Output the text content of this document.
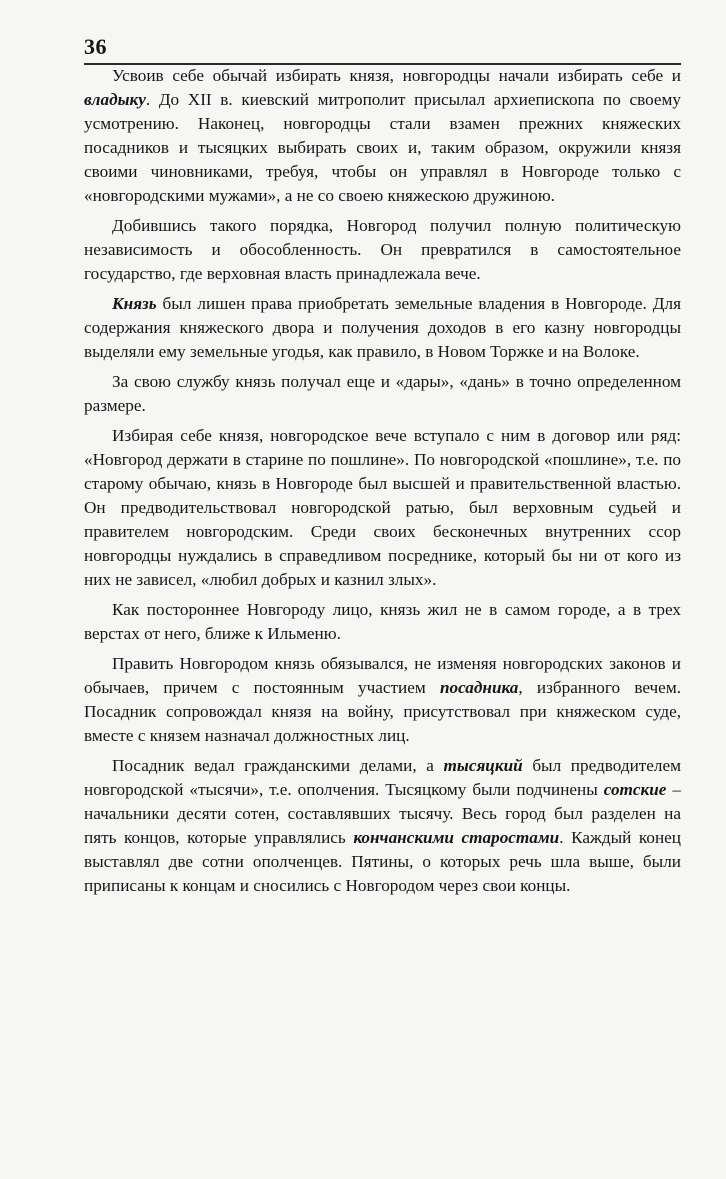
36

Усвоив себе обычай избирать князя, новгородцы начали избирать себе и владыку. До XII в. киевский митрополит присылал архиепископа по своему усмотрению. Наконец, новгородцы стали взамен прежних княжеских посадников и тысяцких выбирать своих и, таким образом, окружили князя своими чиновниками, требуя, чтобы он управлял в Новгороде только с «новгородскими мужами», а не со своею княжескою дружиною.

Добившись такого порядка, Новгород получил полную политическую независимость и обособленность. Он превратился в самостоятельное государство, где верховная власть принадлежала вече.

Князь был лишен права приобретать земельные владения в Новгороде. Для содержания княжеского двора и получения доходов в его казну новгородцы выделяли ему земельные угодья, как правило, в Новом Торжке и на Волоке.

За свою службу князь получал еще и «дары», «дань» в точно определенном размере.

Избирая себе князя, новгородское вече вступало с ним в договор или ряд: «Новгород держати в старине по пошлине». По новгородской «пошлине», т.е. по старому обычаю, князь в Новгороде был высшей и правительственной властью. Он предводительствовал новгородской ратью, был верховным судьей и правителем новгородским. Среди своих бесконечных внутренних ссор новгородцы нуждались в справедливом посреднике, который бы ни от кого из них не зависел, «любил добрых и казнил злых».

Как постороннее Новгороду лицо, князь жил не в самом городе, а в трех верстах от него, ближе к Ильменю.

Править Новгородом князь обязывался, не изменяя новгородских законов и обычаев, причем с постоянным участием посадника, избранного вечем. Посадник сопровождал князя на войну, присутствовал при княжеском суде, вместе с князем назначал должностных лиц.

Посадник ведал гражданскими делами, а тысяцкий был предводителем новгородской «тысячи», т.е. ополчения. Тысяцкому были подчинены сотские – начальники десяти сотен, составлявших тысячу. Весь город был разделен на пять концов, которые управлялись кончанскими старостами. Каждый конец выставлял две сотни ополченцев. Пятины, о которых речь шла выше, были приписаны к концам и сносились с Новгородом через свои концы.
